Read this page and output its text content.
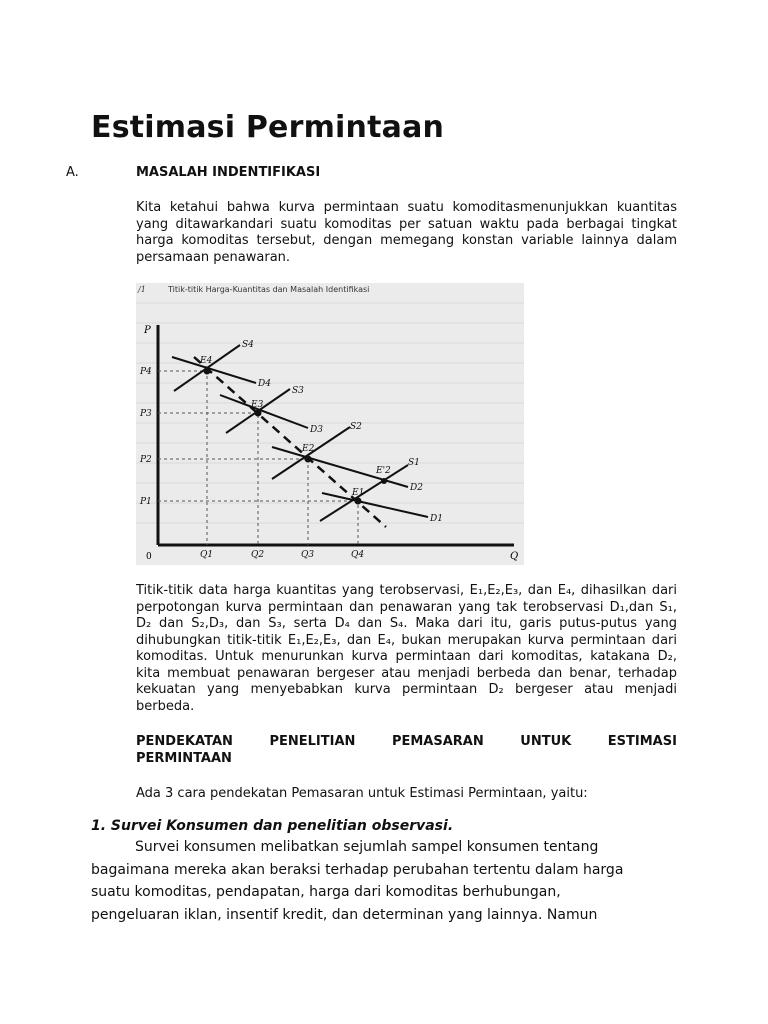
Estimasi Permintaan
A.	MASALAH INDENTIFIKASI

Kita ketahui bahwa kurva permintaan suatu komoditasmenunjukkan kuantitas yang ditawarkandari suatu komoditas per satuan waktu pada berbagai tingkat harga komoditas tersebut, dengan memegang konstan variable lainnya dalam persamaan penawaran.

/1	Titik-titik Harga-Kuantitas dan Masalah Identifikasi
P
Q
0
P4
P3
P2
P1
Q1	Q2	Q3	Q4
S4
S3
S2
S1
D4
D3
D2
D1
E4
E3
E2
E1
E'2

Titik-titik data harga kuantitas yang terobservasi, E₁,E₂,E₃, dan E₄, dihasilkan dari perpotongan kurva permintaan dan penawaran yang tak terobservasi D₁,dan S₁, D₂ dan S₂,D₃, dan S₃, serta D₄ dan S₄. Maka dari itu, garis putus-putus yang dihubungkan titik-titik E₁,E₂,E₃, dan E₄, bukan merupakan kurva permintaan dari komoditas. Untuk menurunkan kurva permintaan dari komoditas, katakana D₂, kita membuat penawaran bergeser atau menjadi berbeda dan benar, terhadap kekuatan yang menyebabkan kurva permintaan D₂ bergeser atau menjadi berbeda.

PENDEKATAN	PENELITIAN	PEMASARAN	UNTUK	ESTIMASI
PERMINTAAN

Ada 3 cara pendekatan Pemasaran untuk Estimasi Permintaan, yaitu:

1. Survei Konsumen dan penelitian observasi.

Survei konsumen melibatkan sejumlah sampel konsumen tentang bagaimana mereka akan beraksi terhadap perubahan tertentu dalam harga suatu komoditas, pendapatan, harga dari komoditas berhubungan, pengeluaran iklan, insentif kredit, dan determinan yang lainnya. Namun
